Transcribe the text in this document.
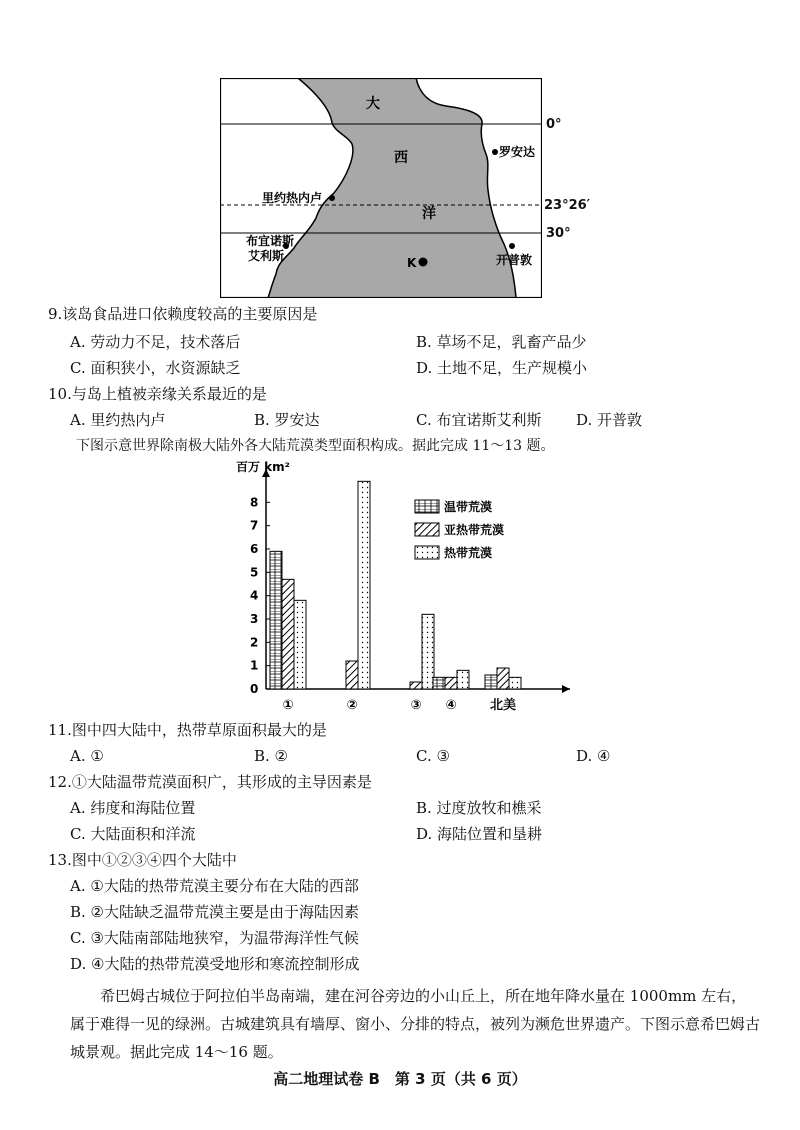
大
西
洋
罗安达
里约热内卢
布宜诺斯
艾利斯	开普敦
K
0°
23°26′
30°
9.该岛食品进口依赖度较高的主要原因是
A. 劳动力不足，技术落后	B. 草场不足，乳畜产品少
C. 面积狭小，水资源缺乏	D. 土地不足，生产规模小
10.与岛上植被亲缘关系最近的是
A. 里约热内卢	B. 罗安达	C. 布宜诺斯艾利斯 D. 开普敦
下图示意世界除南极大陆外各大陆荒漠类型面积构成。据此完成 11～13 题。
0
1
2
3
4
5
6
7
8
①	②	③ ④	北美
百万 km²
温带荒漠
亚热带荒漠
热带荒漠
11.图中四大陆中，热带草原面积最大的是
A. ①	B. ②	C. ③	D. ④
12.①大陆温带荒漠面积广，其形成的主导因素是
A. 纬度和海陆位置	B. 过度放牧和樵采
C. 大陆面积和洋流	D. 海陆位置和垦耕
13.图中①②③④四个大陆中
A. ①大陆的热带荒漠主要分布在大陆的西部
B. ②大陆缺乏温带荒漠主要是由于海陆因素
C. ③大陆南部陆地狭窄，为温带海洋性气候
D. ④大陆的热带荒漠受地形和寒流控制形成
希巴姆古城位于阿拉伯半岛南端，建在河谷旁边的小山丘上，所在地年降水量在 1000mm 左右，属于难得一见的绿洲。古城建筑具有墙厚、窗小、分排的特点，被列为濒危世界遗产。下图示意希巴姆古城景观。据此完成 14～16 题。
高二地理试卷 B　第 3 页（共 6 页）
